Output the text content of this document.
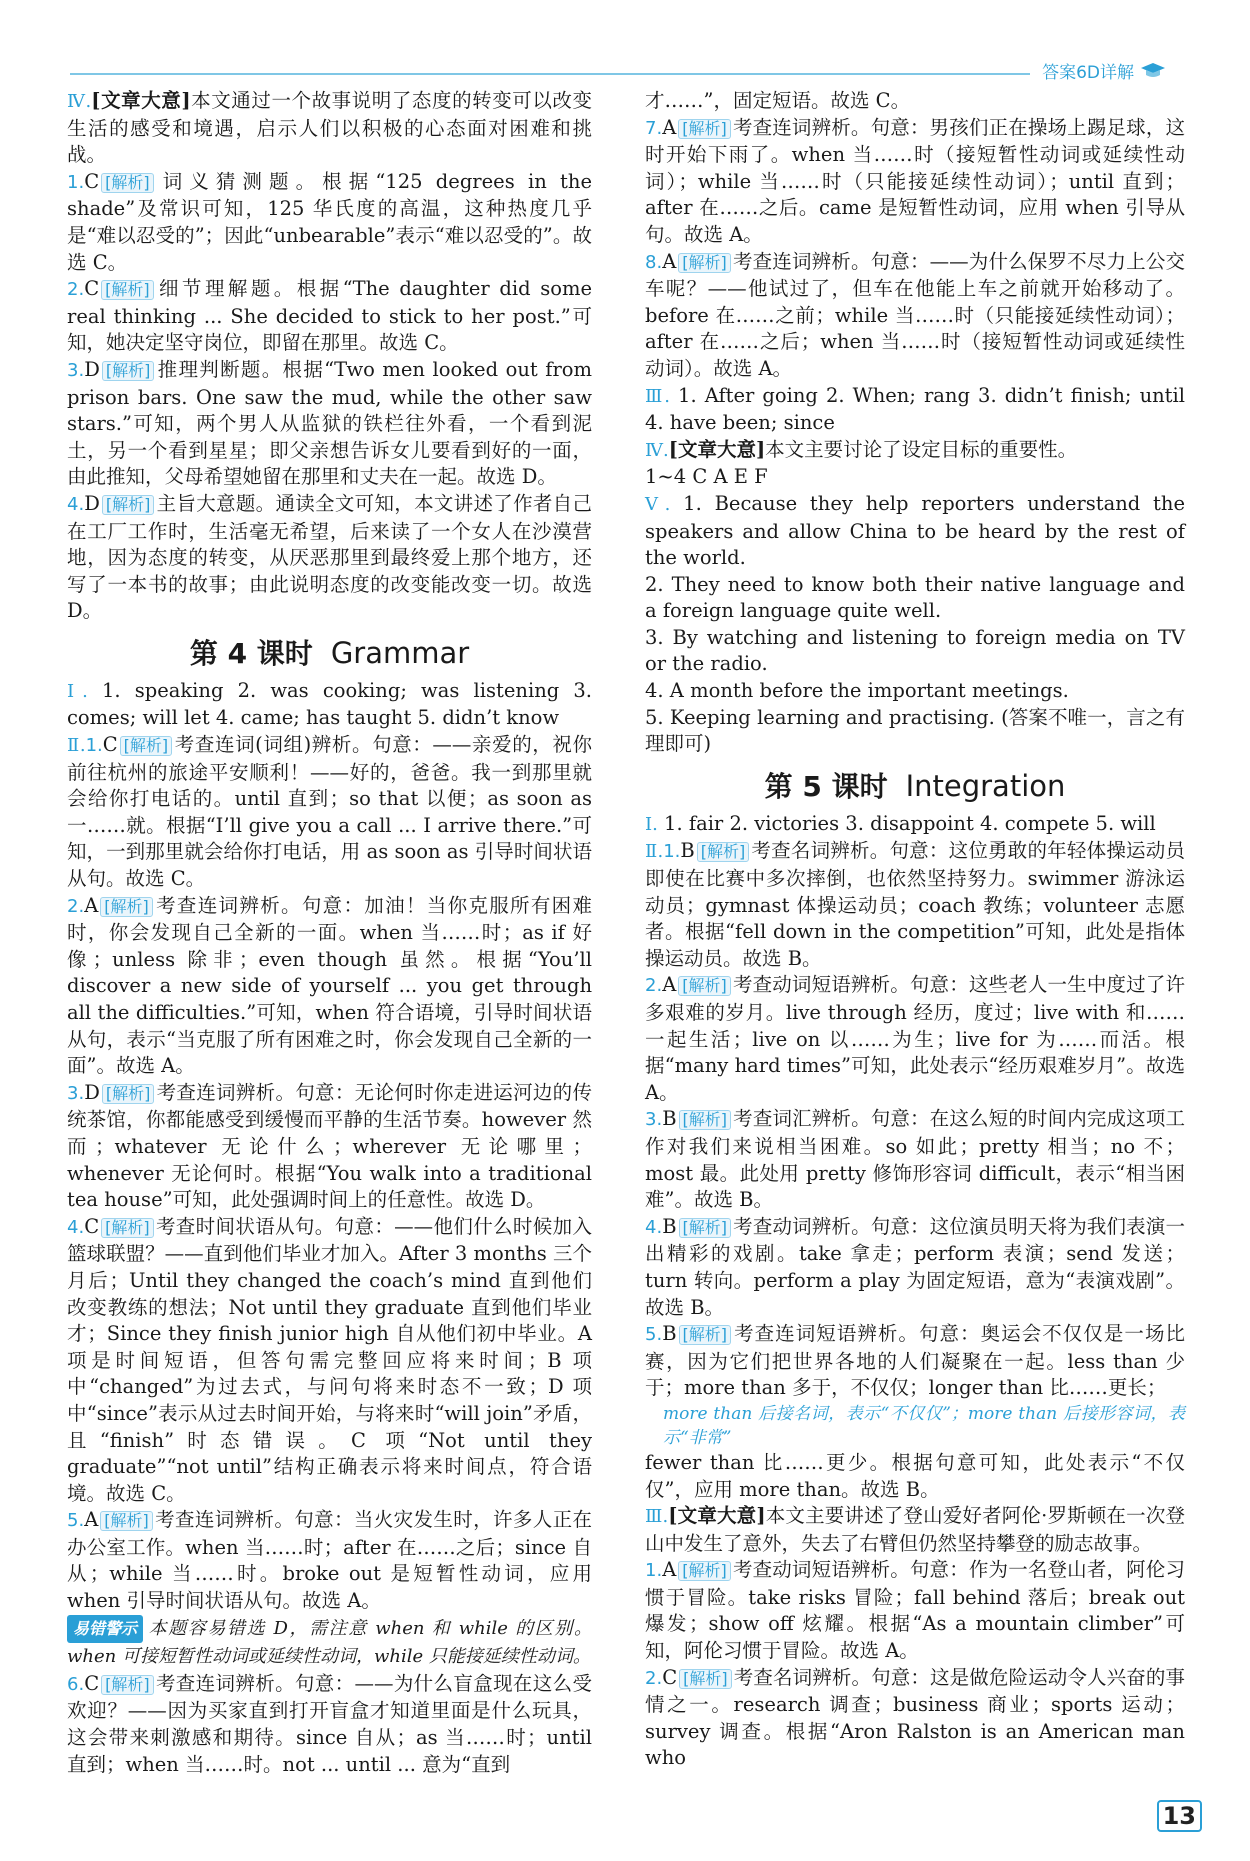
答案6D详解

Ⅳ.[文章大意]本文通过一个故事说明了态度的转变可以改变生活的感受和境遇，启示人们以积极的心态面对困难和挑战。

1.C [解析] 词义猜测题。根据“125 degrees in the shade”及常识可知，125 华氏度的高温，这种热度几乎是“难以忍受的”；因此“unbearable”表示“难以忍受的”。故选 C。

2.C [解析] 细节理解题。根据“The daughter did some real thinking ... She decided to stick to her post.”可知，她决定坚守岗位，即留在那里。故选 C。

3.D [解析] 推理判断题。根据“Two men looked out from prison bars. One saw the mud, while the other saw stars.”可知，两个男人从监狱的铁栏往外看，一个看到泥土，另一个看到星星；即父亲想告诉女儿要看到好的一面，由此推知，父母希望她留在那里和丈夫在一起。故选 D。

4.D [解析] 主旨大意题。通读全文可知，本文讲述了作者自己在工厂工作时，生活毫无希望，后来读了一个女人在沙漠营地，因为态度的转变，从厌恶那里到最终爱上那个地方，还写了一本书的故事；由此说明态度的改变能改变一切。故选 D。

第 4 课时 Grammar

Ⅰ. 1. speaking 2. was cooking; was listening 3. comes; will let 4. came; has taught 5. didn’t know

Ⅱ.1.C [解析] 考查连词(词组)辨析。句意：——亲爱的，祝你前往杭州的旅途平安顺利！——好的，爸爸。我一到那里就会给你打电话的。until 直到；so that 以便；as soon as 一……就。根据“I’ll give you a call ... I arrive there.”可知，一到那里就会给你打电话，用 as soon as 引导时间状语从句。故选 C。

2.A [解析] 考查连词辨析。句意：加油！当你克服所有困难时，你会发现自己全新的一面。when 当……时；as if 好像；unless 除非；even though 虽然。根据“You’ll discover a new side of yourself ... you get through all the difficulties.”可知，when 符合语境，引导时间状语从句，表示“当克服了所有困难之时，你会发现自己全新的一面”。故选 A。

3.D [解析] 考查连词辨析。句意：无论何时你走进运河边的传统茶馆，你都能感受到缓慢而平静的生活节奏。however 然而；whatever 无论什么；wherever 无论哪里；whenever 无论何时。根据“You walk into a traditional tea house”可知，此处强调时间上的任意性。故选 D。

4.C [解析] 考查时间状语从句。句意：——他们什么时候加入篮球联盟？——直到他们毕业才加入。After 3 months 三个月后；Until they changed the coach’s mind 直到他们改变教练的想法；Not until they graduate 直到他们毕业才；Since they finish junior high 自从他们初中毕业。A 项是时间短语，但答句需完整回应将来时间；B 项中“changed”为过去式，与问句将来时态不一致；D 项中“since”表示从过去时间开始，与将来时“will join”矛盾，且“finish”时态错误。C 项“Not until they graduate”“not until”结构正确表示将来时间点，符合语境。故选 C。

5.A [解析] 考查连词辨析。句意：当火灾发生时，许多人正在办公室工作。when 当……时；after 在……之后；since 自从；while 当……时。broke out 是短暂性动词，应用 when 引导时间状语从句。故选 A。

易错警示 本题容易错选 D，需注意 when 和 while 的区别。when 可接短暂性动词或延续性动词，while 只能接延续性动词。

6.C [解析] 考查连词辨析。句意：——为什么盲盒现在这么受欢迎？——因为买家直到打开盲盒才知道里面是什么玩具，这会带来刺激感和期待。since 自从；as 当……时；until 直到；when 当……时。not ... until ... 意为“直到

才……”，固定短语。故选 C。

7.A [解析] 考查连词辨析。句意：男孩们正在操场上踢足球，这时开始下雨了。when 当……时（接短暂性动词或延续性动词）；while 当……时（只能接延续性动词）；until 直到；after 在……之后。came 是短暂性动词，应用 when 引导从句。故选 A。

8.A [解析] 考查连词辨析。句意：——为什么保罗不尽力上公交车呢？——他试过了，但车在他能上车之前就开始移动了。before 在……之前；while 当……时（只能接延续性动词）；after 在……之后；when 当……时（接短暂性动词或延续性动词）。故选 A。

Ⅲ. 1. After going 2. When; rang 3. didn’t finish; until 4. have been; since

Ⅳ.[文章大意]本文主要讨论了设定目标的重要性。

1~4 C A E F

Ⅴ. 1. Because they help reporters understand the speakers and allow China to be heard by the rest of the world.

2. They need to know both their native language and a foreign language quite well.

3. By watching and listening to foreign media on TV or the radio.

4. A month before the important meetings.

5. Keeping learning and practising. (答案不唯一，言之有理即可)

第 5 课时 Integration

Ⅰ. 1. fair 2. victories 3. disappoint 4. compete 5. will

Ⅱ.1.B [解析] 考查名词辨析。句意：这位勇敢的年轻体操运动员即使在比赛中多次摔倒，也依然坚持努力。swimmer 游泳运动员；gymnast 体操运动员；coach 教练；volunteer 志愿者。根据“fell down in the competition”可知，此处是指体操运动员。故选 B。

2.A [解析] 考查动词短语辨析。句意：这些老人一生中度过了许多艰难的岁月。live through 经历，度过；live with 和……一起生活；live on 以……为生；live for 为……而活。根据“many hard times”可知，此处表示“经历艰难岁月”。故选 A。

3.B [解析] 考查词汇辨析。句意：在这么短的时间内完成这项工作对我们来说相当困难。so 如此；pretty 相当；no 不；most 最。此处用 pretty 修饰形容词 difficult，表示“相当困难”。故选 B。

4.B [解析] 考查动词辨析。句意：这位演员明天将为我们表演一出精彩的戏剧。take 拿走；perform 表演；send 发送；turn 转向。perform a play 为固定短语，意为“表演戏剧”。故选 B。

5.B [解析] 考查连词短语辨析。句意：奥运会不仅仅是一场比赛，因为它们把世界各地的人们凝聚在一起。less than 少于；more than 多于，不仅仅；longer than 比……更长；

more than 后接名词，表示“不仅仅”；more than 后接形容词，表示“非常”

fewer than 比……更少。根据句意可知，此处表示“不仅仅”，应用 more than。故选 B。

Ⅲ.[文章大意]本文主要讲述了登山爱好者阿伦·罗斯顿在一次登山中发生了意外，失去了右臂但仍然坚持攀登的励志故事。

1.A [解析] 考查动词短语辨析。句意：作为一名登山者，阿伦习惯于冒险。take risks 冒险；fall behind 落后；break out 爆发；show off 炫耀。根据“As a mountain climber”可知，阿伦习惯于冒险。故选 A。

2.C [解析] 考查名词辨析。句意：这是做危险运动令人兴奋的事情之一。research 调查；business 商业；sports 运动；survey 调查。根据“Aron Ralston is an American man who

13
